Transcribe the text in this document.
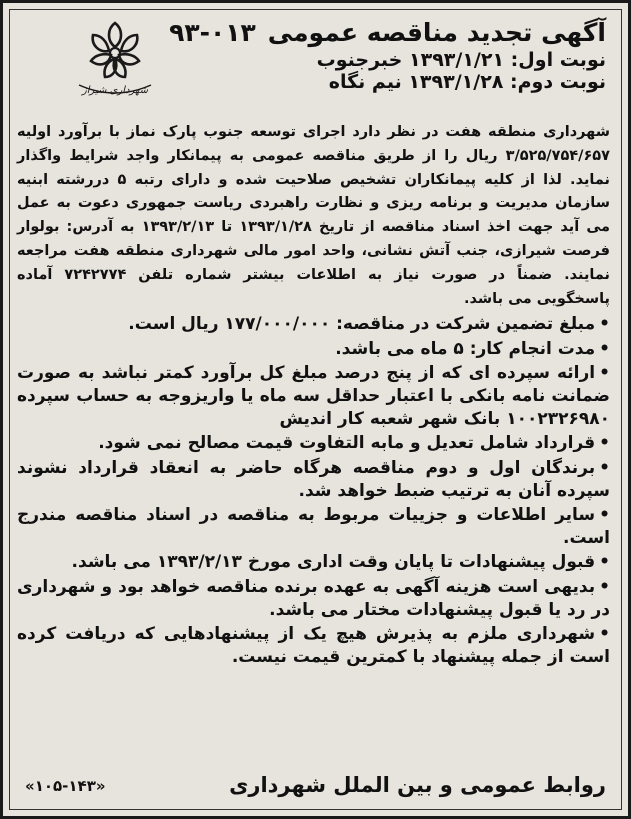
شهرداری شیراز
آگهی تجدید مناقصه عمومی۰۱۳-۹۳
نوبت اول: ۱۳۹۳/۱/۲۱ خبرجنوب
نوبت دوم: ۱۳۹۳/۱/۲۸ نیم نگاه

شهرداری منطقه هفت در نظر دارد اجرای توسعه جنوب پارک نماز با برآورد اولیه ۳/۵۲۵/۷۵۴/۶۵۷ ریال را از طریق مناقصه عمومی به پیمانکار واجد شرایط واگذار نماید. لذا از کلیه پیمانکاران تشخیص صلاحیت شده و دارای رتبه ۵ دررشته ابنیه سازمان مدیریت و برنامه ریزی و نظارت راهبردی ریاست جمهوری دعوت به عمل می آید جهت اخذ اسناد مناقصه از تاریخ ۱۳۹۳/۱/۲۸ تا ۱۳۹۳/۲/۱۳ به آدرس: بولوار فرصت شیرازی، جنب آتش نشانی، واحد امور مالی شهرداری منطقه هفت مراجعه نمایند. ضمناً در صورت نیاز به اطلاعات بیشتر شماره تلفن ۷۲۴۲۷۷۴ آماده پاسخگویی می باشد.

•مبلغ تضمین شرکت در مناقصه: ۱۷۷/۰۰۰/۰۰۰ ریال است.
•مدت انجام کار: ۵ ماه می باشد.
•ارائه سپرده ای که از پنج درصد مبلغ کل برآورد کمتر نباشد به صورت ضمانت نامه بانکی با اعتبار حداقل سه ماه یا واریزوجه به حساب سپرده ۱۰۰۲۳۲۶۹۸۰ بانک شهر شعبه کار اندیش
•قرارداد شامل تعدیل و مابه التفاوت قیمت مصالح نمی شود.
•برندگان اول و دوم مناقصه هرگاه حاضر به انعقاد قرارداد نشوند سپرده آنان به ترتیب ضبط خواهد شد.
•سایر اطلاعات و جزییات مربوط به مناقصه در اسناد مناقصه مندرج است.
•قبول پیشنهادات تا پایان وقت اداری مورخ ۱۳۹۳/۲/۱۳ می باشد.
•بدیهی است هزینه آگهی به عهده برنده مناقصه خواهد بود و شهرداری در رد یا قبول پیشنهادات مختار می باشد.
•شهرداری ملزم به پذیرش هیچ یک از پیشنهادهایی که دریافت کرده است از جمله پیشنهاد با کمترین قیمت نیست.
روابط عمومی و بین الملل شهرداری
«۱۰۵-۱۴۳»
